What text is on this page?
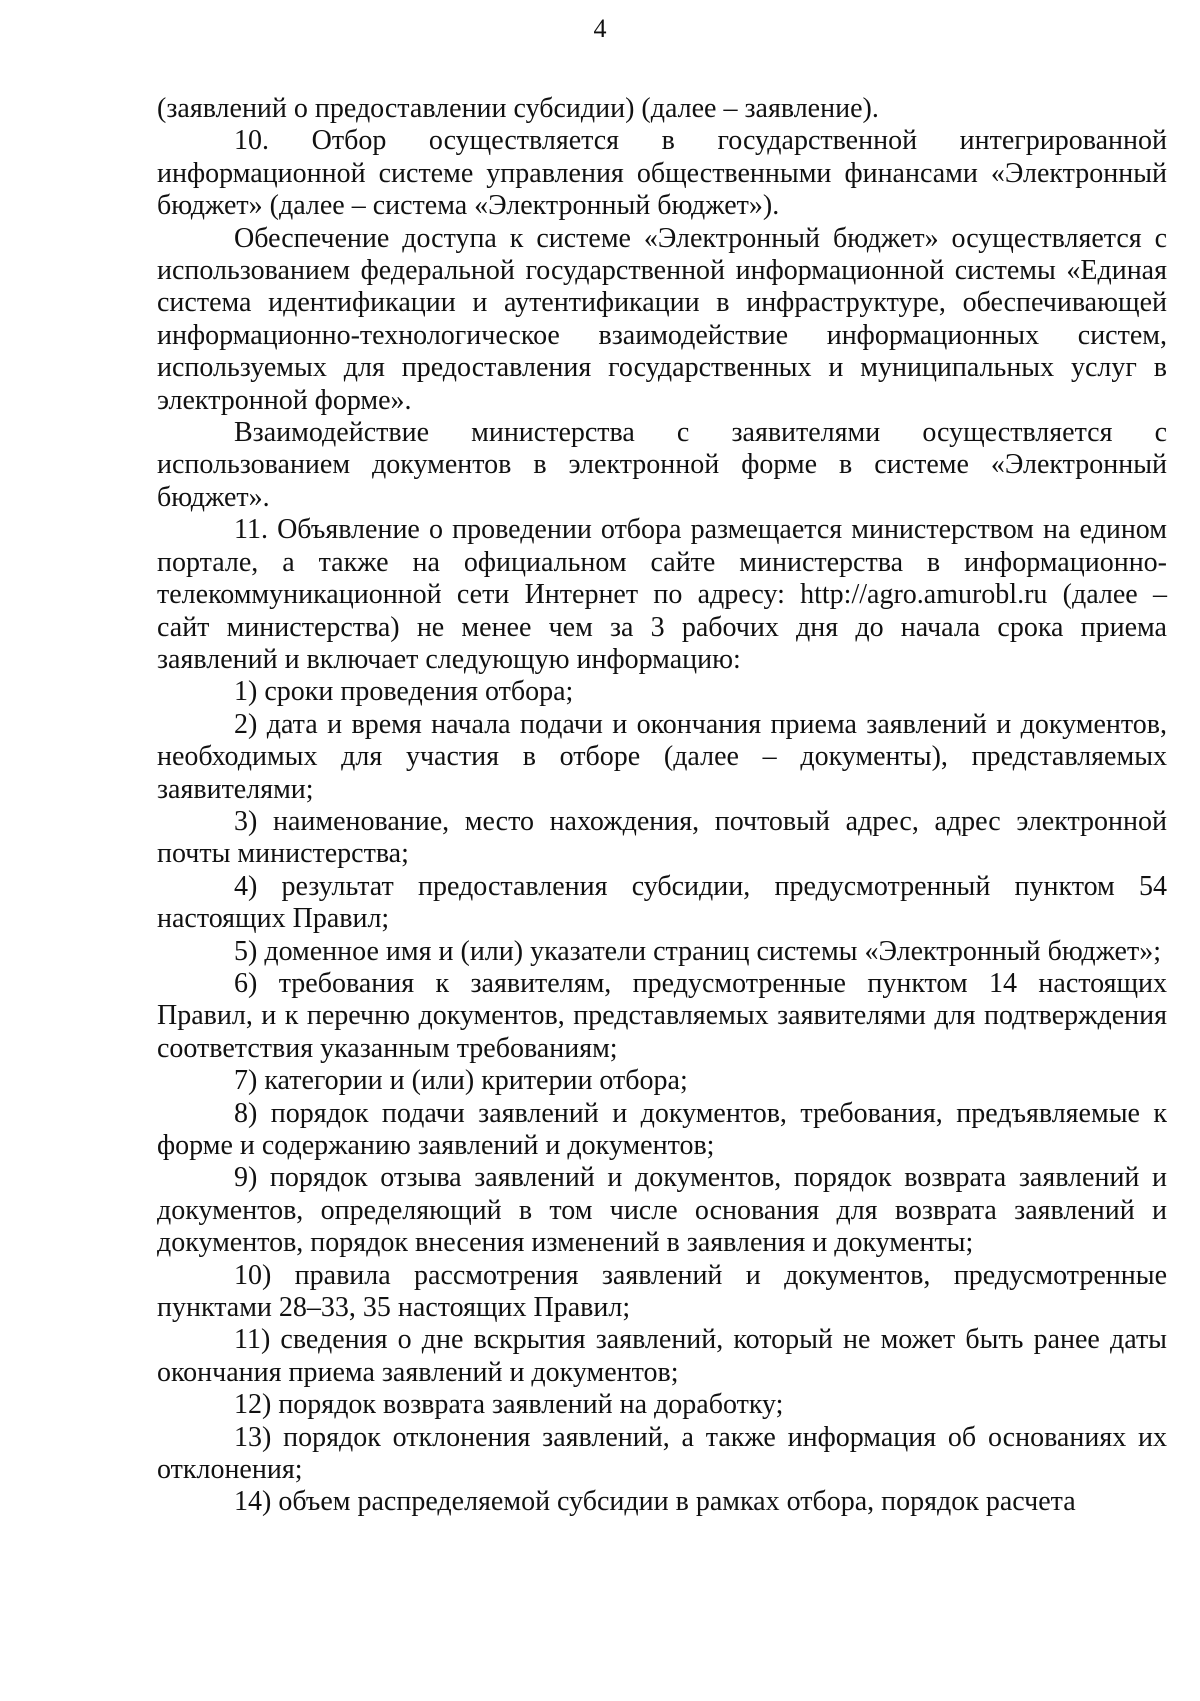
4

(заявлений о предоставлении субсидии) (далее – заявление).

10. Отбор осуществляется в государственной интегрированной информационной системе управления общественными финансами «Электронный бюджет» (далее – система «Электронный бюджет»).

Обеспечение доступа к системе «Электронный бюджет» осуществляется с использованием федеральной государственной информационной системы «Единая система идентификации и аутентификации в инфраструктуре, обеспечивающей информационно-технологическое взаимодействие информационных систем, используемых для предоставления государственных и муниципальных услуг в электронной форме».

Взаимодействие министерства с заявителями осуществляется с использованием документов в электронной форме в системе «Электронный бюджет».

11. Объявление о проведении отбора размещается министерством на едином портале, а также на официальном сайте министерства в информационно-телекоммуникационной сети Интернет по адресу: http://agro.amurobl.ru (далее – сайт министерства) не менее чем за 3 рабочих дня до начала срока приема заявлений и включает следующую информацию:

1) сроки проведения отбора;

2) дата и время начала подачи и окончания приема заявлений и документов, необходимых для участия в отборе (далее – документы), представляемых заявителями;

3) наименование, место нахождения, почтовый адрес, адрес электронной почты министерства;

4) результат предоставления субсидии, предусмотренный пунктом 54 настоящих Правил;

5) доменное имя и (или) указатели страниц системы «Электронный бюджет»;

6) требования к заявителям, предусмотренные пунктом 14 настоящих Правил, и к перечню документов, представляемых заявителями для подтверждения соответствия указанным требованиям;

7) категории и (или) критерии отбора;

8) порядок подачи заявлений и документов, требования, предъявляемые к форме и содержанию заявлений и документов;

9) порядок отзыва заявлений и документов, порядок возврата заявлений и документов, определяющий в том числе основания для возврата заявлений и документов, порядок внесения изменений в заявления и документы;

10) правила рассмотрения заявлений и документов, предусмотренные пунктами 28–33, 35 настоящих Правил;

11) сведения о дне вскрытия заявлений, который не может быть ранее даты окончания приема заявлений и документов;

12) порядок возврата заявлений на доработку;

13) порядок отклонения заявлений, а также информация об основаниях их отклонения;

14) объем распределяемой субсидии в рамках отбора, порядок расчета
